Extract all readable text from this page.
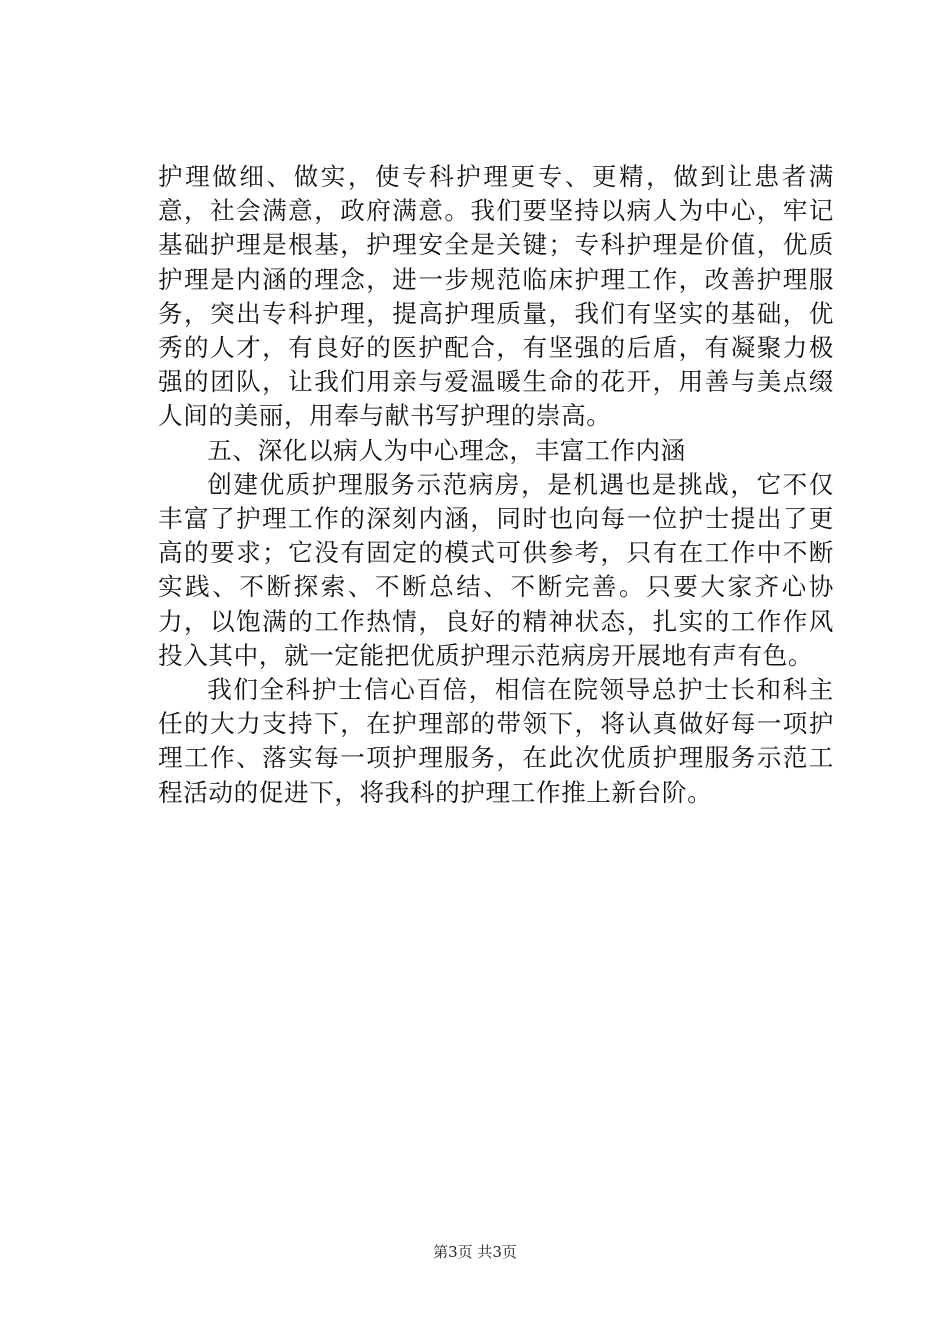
护理做细、做实，使专科护理更专、更精，做到让患者满意，社会满意，政府满意。我们要坚持以病人为中心，牢记基础护理是根基，护理安全是关键；专科护理是价值，优质护理是内涵的理念，进一步规范临床护理工作，改善护理服务，突出专科护理，提高护理质量，我们有坚实的基础，优秀的人才，有良好的医护配合，有坚强的后盾，有凝聚力极强的团队，让我们用亲与爱温暖生命的花开，用善与美点缀人间的美丽，用奉与献书写护理的崇高。

五、深化以病人为中心理念，丰富工作内涵

创建优质护理服务示范病房，是机遇也是挑战，它不仅丰富了护理工作的深刻内涵，同时也向每一位护士提出了更高的要求；它没有固定的模式可供参考，只有在工作中不断实践、不断探索、不断总结、不断完善。只要大家齐心协力，以饱满的工作热情，良好的精神状态，扎实的工作作风投入其中，就一定能把优质护理示范病房开展地有声有色。

我们全科护士信心百倍，相信在院领导总护士长和科主任的大力支持下，在护理部的带领下，将认真做好每一项护理工作、落实每一项护理服务，在此次优质护理服务示范工程活动的促进下，将我科的护理工作推上新台阶。

第3页 共3页
